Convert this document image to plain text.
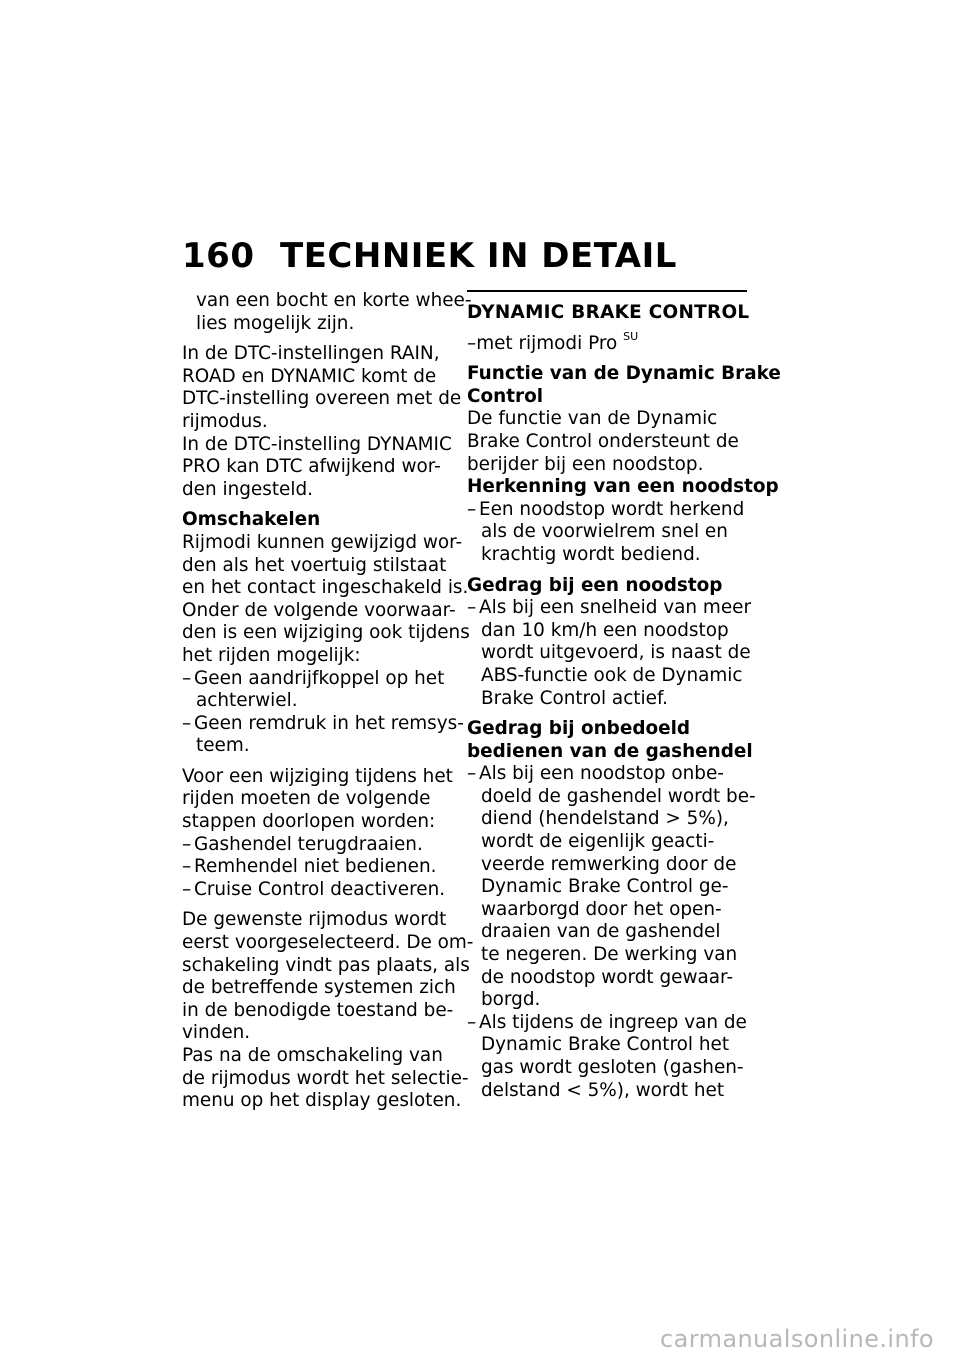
160 TECHNIEK IN DETAIL
van een bocht en korte whee-
lies mogelijk zijn.
In de DTC-instellingen RAIN,
ROAD en DYNAMIC komt de
DTC-instelling overeen met de
rijmodus.
In de DTC-instelling DYNAMIC
PRO kan DTC afwijkend wor-
den ingesteld.
Omschakelen
Rijmodi kunnen gewijzigd wor-
den als het voertuig stilstaat
en het contact ingeschakeld is.
Onder de volgende voorwaar-
den is een wijziging ook tijdens
het rijden mogelijk:
– Geen aandrijfkoppel op het
achterwiel.
– Geen remdruk in het remsys-
teem.
Voor een wijziging tijdens het
rijden moeten de volgende
stappen doorlopen worden:
– Gashendel terugdraaien.
– Remhendel niet bedienen.
– Cruise Control deactiveren.
De gewenste rijmodus wordt
eerst voorgeselecteerd. De om-
schakeling vindt pas plaats, als
de betreffende systemen zich
in de benodigde toestand be-
vinden.
Pas na de omschakeling van
de rijmodus wordt het selectie-
menu op het display gesloten.
DYNAMIC BRAKE CONTROL
–met rijmodi Pro $^{SU}$
Functie van de Dynamic Brake
Control
De functie van de Dynamic
Brake Control ondersteunt de
berijder bij een noodstop.
Herkenning van een noodstop
– Een noodstop wordt herkend
als de voorwielrem snel en
krachtig wordt bediend.
Gedrag bij een noodstop
– Als bij een snelheid van meer
dan 10 km/h een noodstop
wordt uitgevoerd, is naast de
ABS-functie ook de Dynamic
Brake Control actief.
Gedrag bij onbedoeld
bedienen van de gashendel
– Als bij een noodstop onbe-
doeld de gashendel wordt be-
diend (hendelstand > 5%),
wordt de eigenlijk geacti-
veerde remwerking door de
Dynamic Brake Control ge-
waarborgd door het open-
draaien van de gashendel
te negeren. De werking van
de noodstop wordt gewaar-
borgd.
– Als tijdens de ingreep van de
Dynamic Brake Control het
gas wordt gesloten (gashen-
delstand < 5%), wordt het
carmanualsonline.info
